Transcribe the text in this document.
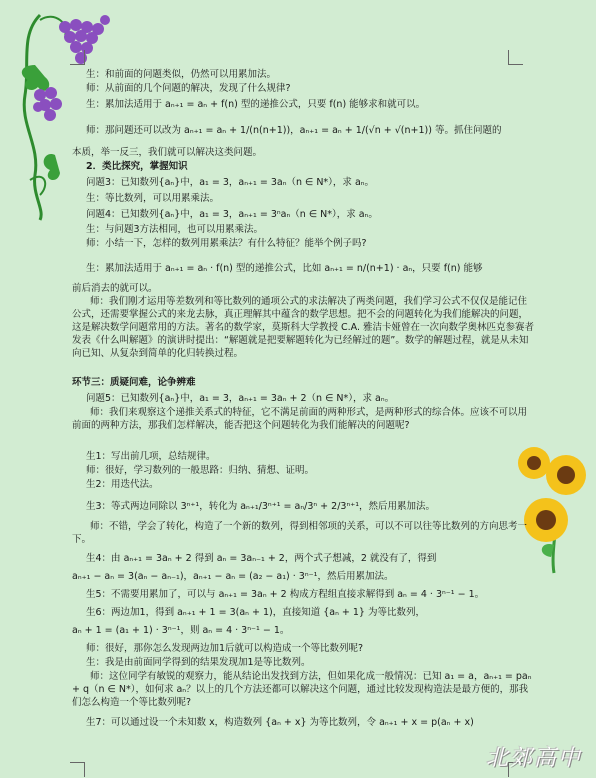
生：和前面的问题类似，仍然可以用累加法。
师：从前面的几个问题的解决，发现了什么规律?
生：累加法适用于 aₙ₊₁ = aₙ + f(n) 型的递推公式，只要 f(n) 能够求和就可以。
师：那问题还可以改为 aₙ₊₁ = aₙ + 1/(n(n+1))，aₙ₊₁ = aₙ + 1/(√n + √(n+1)) 等。抓住问题的
本质，举一反三，我们就可以解决这类问题。
2．类比探究，掌握知识
问题3：已知数列{aₙ}中，a₁ = 3，aₙ₊₁ = 3aₙ（n ∈ N*），求 aₙ。
生：等比数列，可以用累乘法。
问题4：已知数列{aₙ}中，a₁ = 3，aₙ₊₁ = 3ⁿaₙ（n ∈ N*），求 aₙ。
生：与问题3方法相同，也可以用累乘法。
师：小结一下，怎样的数列用累乘法？有什么特征？能举个例子吗?
生：累加法适用于 aₙ₊₁ = aₙ · f(n) 型的递推公式，比如 aₙ₊₁ = n/(n+1) · aₙ，只要 f(n) 能够
前后消去的就可以。
师：我们刚才运用等差数列和等比数列的通项公式的求法解决了两类问题，我们学习公式不仅仅是能记住公式，还需要掌握公式的来龙去脉，真正理解其中蕴含的数学思想。把不会的问题转化为我们能解决的问题，这是解决数学问题常用的方法。著名的数学家，莫斯科大学教授 C.A. 雅洁卡娅曾在一次向数学奥林匹克参赛者发表《什么叫解题》的演讲时提出：“解题就是把要解题转化为已经解过的题”。数学的解题过程，就是从未知向已知、从复杂到简单的化归转换过程。
环节三：质疑问难，论争辨难
问题5：已知数列{aₙ}中，a₁ = 3，aₙ₊₁ = 3aₙ + 2（n ∈ N*），求 aₙ。
师：我们来观察这个递推关系式的特征，它不满足前面的两种形式，是两种形式的综合体。应该不可以用前面的两种方法，那我们怎样解决，能否把这个问题转化为我们能解决的问题呢?
生1：写出前几项，总结规律。
师：很好，学习数列的一般思路：归纳、猜想、证明。
生2：用迭代法。
生3：等式两边同除以 3ⁿ⁺¹，转化为 aₙ₊₁/3ⁿ⁺¹ = aₙ/3ⁿ + 2/3ⁿ⁺¹，然后用累加法。
师：不错，学会了转化，构造了一个新的数列，得到相邻项的关系，可以不可以往等比数列的方向思考一下。
生4：由 aₙ₊₁ = 3aₙ + 2 得到 aₙ = 3aₙ₋₁ + 2，两个式子想减，2 就没有了，得到
aₙ₊₁ − aₙ = 3(aₙ − aₙ₋₁)，aₙ₊₁ − aₙ = (a₂ − a₁) · 3ⁿ⁻¹，然后用累加法。
生5：不需要用累加了，可以与 aₙ₊₁ = 3aₙ + 2 构成方程组直接求解得到 aₙ = 4 · 3ⁿ⁻¹ − 1。
生6：两边加1，得到 aₙ₊₁ + 1 = 3(aₙ + 1)，直接知道 {aₙ + 1} 为等比数列，
aₙ + 1 = (a₁ + 1) · 3ⁿ⁻¹，则 aₙ = 4 · 3ⁿ⁻¹ − 1。
师：很好，那你怎么发现两边加1后就可以构造成一个等比数列呢?
生：我是由前面同学得到的结果发现加1是等比数列。
师：这位同学有敏锐的观察力，能从结论出发找到方法，但如果化成一般情况：已知 a₁ = a，aₙ₊₁ = paₙ + q（n ∈ N*），如何求 aₙ？以上的几个方法还都可以解决这个问题，通过比较发现构造法是最方便的，那我们怎么构造一个等比数列呢?
生7：可以通过设一个未知数 x，构造数列 {aₙ + x} 为等比数列，令 aₙ₊₁ + x = p(aₙ + x)
北郊高中
